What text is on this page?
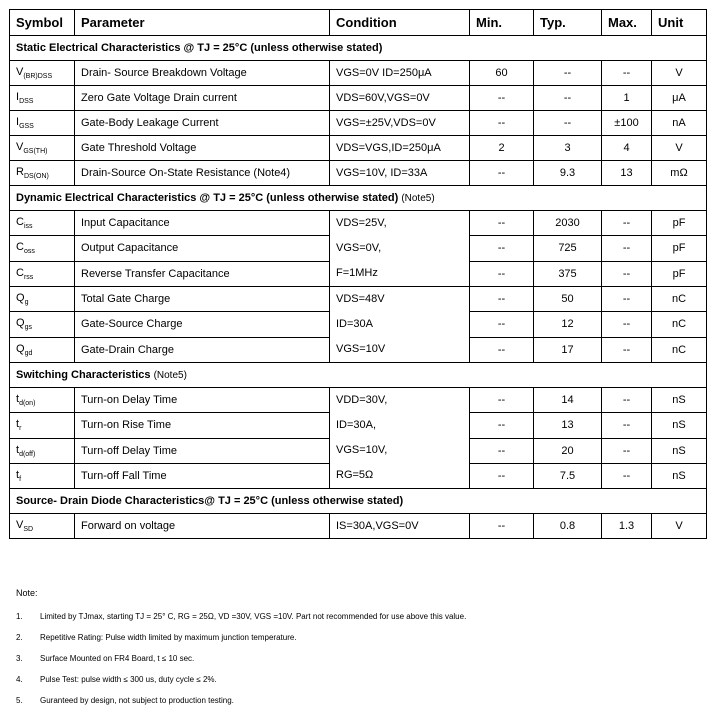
Symbol	Parameter	Condition	Min.	Typ.	Max.	Unit
Static Electrical Characteristics @ TJ = 25°C (unless otherwise stated)						
$V_{(BR)DSS}$	Drain- Source Breakdown Voltage	VGS=0V ID=250μA	60	--	--	V
$I_{DSS}$	Zero Gate Voltage Drain current	VDS=60V,VGS=0V	--	--	1	μA
$I_{GSS}$	Gate-Body Leakage Current	VGS=±25V,VDS=0V	--	--	±100	nA
$V_{GS(TH)}$	Gate Threshold Voltage	VDS=VGS,ID=250μA	2	3	4	V
$R_{DS(ON)}$	Drain-Source On-State Resistance (Note4)	VGS=10V, ID=33A	--	9.3	13	mΩ
Dynamic Electrical Characteristics @ TJ = 25°C (unless otherwise stated) (Note5)						
$C_{iss}$	Input Capacitance	VDS=25V,
VGS=0V,
F=1MHz	--	2030	--	pF
$C_{oss}$	Output Capacitance		--	725	--	pF
$C_{rss}$	Reverse Transfer Capacitance		--	375	--	pF
$Q_g$	Total Gate Charge	VDS=48V
ID=30A
VGS=10V	--	50	--	nC
$Q_{gs}$	Gate-Source Charge		--	12	--	nC
$Q_{gd}$	Gate-Drain Charge		--	17	--	nC
Switching Characteristics (Note5)						
$t_{d(on)}$	Turn-on Delay Time	VDD=30V,
ID=30A,
VGS=10V,
RG=5Ω	--	14	--	nS
$t_r$	Turn-on Rise Time		--	13	--	nS
$t_{d(off)}$	Turn-off Delay Time		--	20	--	nS
$t_f$	Turn-off Fall Time		--	7.5	--	nS
Source- Drain Diode Characteristics@ TJ = 25°C (unless otherwise stated)						
$V_{SD}$	Forward on voltage	IS=30A,VGS=0V	--	0.8	1.3	V
Note:
1. Limited by TJmax, starting TJ = 25° C, RG = 25Ω, VD =30V, VGS =10V. Part not recommended for use above this value.
2. Repetitive Rating: Pulse width limited by maximum junction temperature.
3. Surface Mounted on FR4 Board, t ≤ 10 sec.
4. Pulse Test: pulse width ≤ 300 us, duty cycle ≤ 2%.
5. Guranteed by design, not subject to production testing.
